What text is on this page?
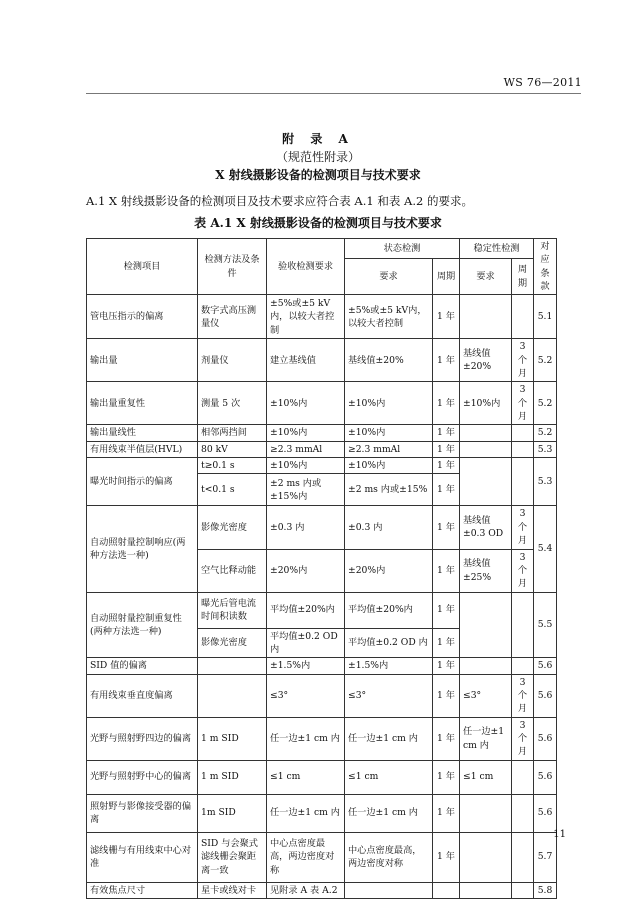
WS 76—2011
附 录 A
（规范性附录）
X 射线摄影设备的检测项目与技术要求
A.1 X 射线摄影设备的检测项目及技术要求应符合表 A.1 和表 A.2 的要求。
表 A.1 X 射线摄影设备的检测项目与技术要求
检测项目	检测方法及条件	验收检测要求	状态检测		稳定性检测		对应条款
			要求	周期	要求	周期	
管电压指示的偏离	数字式高压测量仪	±5%或±5 kV内，以较大者控制	±5%或±5 kV内，以较大者控制	1 年			5.1
输出量	剂量仪	建立基线值	基线值±20%	1 年	基线值±20%	3 个月	5.2
输出量重复性	测量 5 次	±10%内	±10%内	1 年	±10%内	3 个月	5.2
输出量线性	相邻两挡间	±10%内	±10%内	1 年			5.2
有用线束半值层(HVL)	80 kV	≥2.3 mmAl	≥2.3 mmAl	1 年			5.3
曝光时间指示的偏离	t≥0.1 s	±10%内	±10%内	1 年			5.3
	t<0.1 s	±2 ms 内或±15%内	±2 ms 内或±15%	1 年			
自动照射量控制响应(两种方法选一种)	影像光密度	±0.3 内	±0.3 内	1 年	基线值±0.3 OD	3 个月	5.4
	空气比释动能	±20%内	±20%内	1 年	基线值±25%	3 个月	
自动照射量控制重复性(两种方法选一种)	曝光后管电流时间积读数	平均值±20%内	平均值±20%内	1 年			5.5
	影像光密度	平均值±0.2 OD 内	平均值±0.2 OD 内	1 年			
SID 值的偏离		±1.5%内	±1.5%内	1 年			5.6
有用线束垂直度偏离		≤3°	≤3°	1 年	≤3°	3 个月	5.6
光野与照射野四边的偏离	1 m SID	任一边±1 cm 内	任一边±1 cm 内	1 年	任一边±1 cm 内	3 个月	5.6
光野与照射野中心的偏离	1 m SID	≤1 cm	≤1 cm	1 年	≤1 cm		5.6
照射野与影像接受器的偏离	1m SID	任一边±1 cm 内	任一边±1 cm 内	1 年			5.6
滤线栅与有用线束中心对准	SID 与会聚式滤线栅会聚距离一致	中心点密度最高，两边密度对称	中心点密度最高，两边密度对称	1 年			5.7
有效焦点尺寸	星卡或线对卡	见附录 A 表 A.2					5.8
11
